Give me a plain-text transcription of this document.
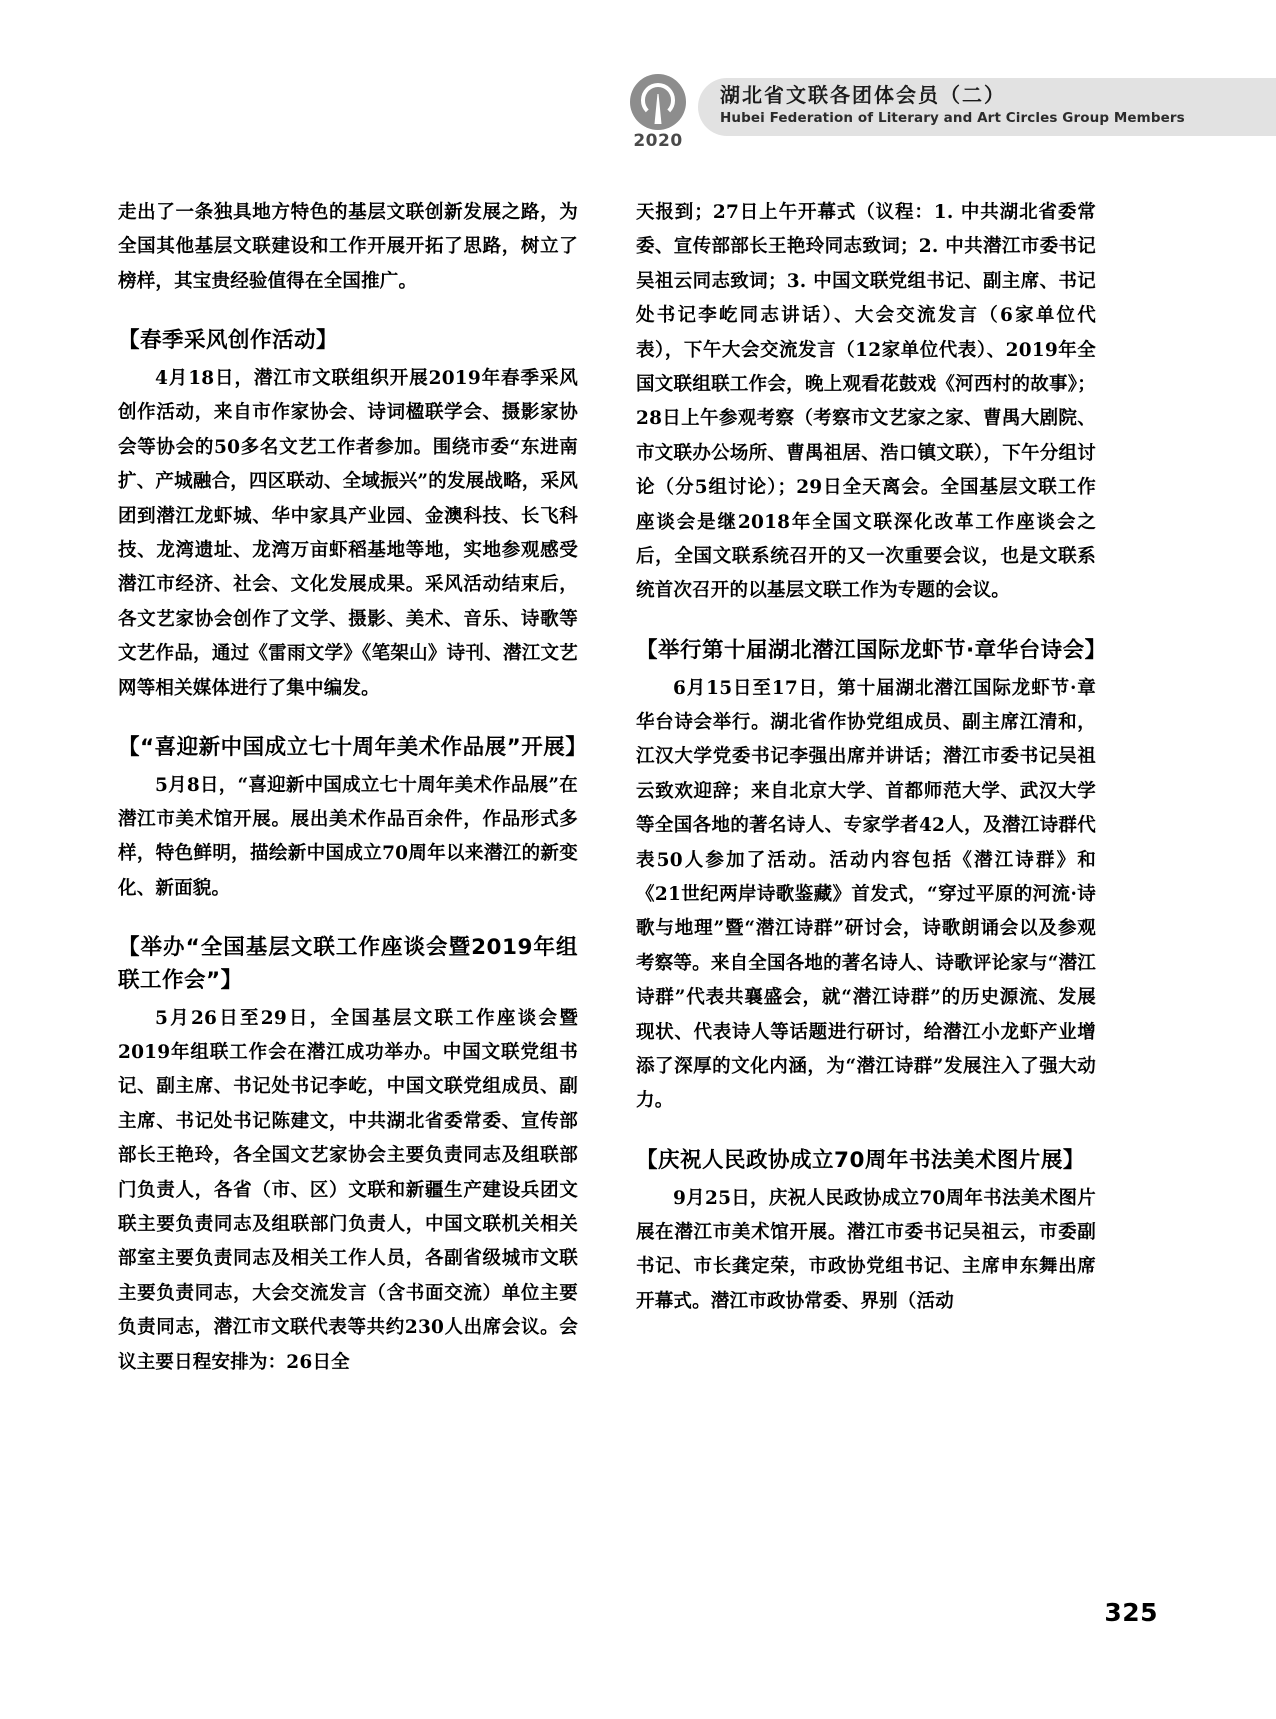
2020
湖北省文联各团体会员（二）
Hubei Federation of Literary and Art Circles Group Members

走出了一条独具地方特色的基层文联创新发展之路，为全国其他基层文联建设和工作开展开拓了思路，树立了榜样，其宝贵经验值得在全国推广。

【春季采风创作活动】

4月18日，潜江市文联组织开展2019年春季采风创作活动，来自市作家协会、诗词楹联学会、摄影家协会等协会的50多名文艺工作者参加。围绕市委“东进南扩、产城融合，四区联动、全域振兴”的发展战略，采风团到潜江龙虾城、华中家具产业园、金澳科技、长飞科技、龙湾遗址、龙湾万亩虾稻基地等地，实地参观感受潜江市经济、社会、文化发展成果。采风活动结束后，各文艺家协会创作了文学、摄影、美术、音乐、诗歌等文艺作品，通过《雷雨文学》《笔架山》诗刊、潜江文艺网等相关媒体进行了集中编发。

【“喜迎新中国成立七十周年美术作品展”开展】

5月8日，“喜迎新中国成立七十周年美术作品展”在潜江市美术馆开展。展出美术作品百余件，作品形式多样，特色鲜明，描绘新中国成立70周年以来潜江的新变化、新面貌。

【举办“全国基层文联工作座谈会暨2019年组联工作会”】

5月26日至29日，全国基层文联工作座谈会暨2019年组联工作会在潜江成功举办。中国文联党组书记、副主席、书记处书记李屹，中国文联党组成员、副主席、书记处书记陈建文，中共湖北省委常委、宣传部部长王艳玲，各全国文艺家协会主要负责同志及组联部门负责人，各省（市、区）文联和新疆生产建设兵团文联主要负责同志及组联部门负责人，中国文联机关相关部室主要负责同志及相关工作人员，各副省级城市文联主要负责同志，大会交流发言（含书面交流）单位主要负责同志，潜江市文联代表等共约230人出席会议。会议主要日程安排为：26日全

天报到；27日上午开幕式（议程：1. 中共湖北省委常委、宣传部部长王艳玲同志致词；2. 中共潜江市委书记吴祖云同志致词；3. 中国文联党组书记、副主席、书记处书记李屹同志讲话）、大会交流发言（6家单位代表），下午大会交流发言（12家单位代表）、2019年全国文联组联工作会，晚上观看花鼓戏《河西村的故事》；28日上午参观考察（考察市文艺家之家、曹禺大剧院、市文联办公场所、曹禺祖居、浩口镇文联），下午分组讨论（分5组讨论）；29日全天离会。全国基层文联工作座谈会是继2018年全国文联深化改革工作座谈会之后，全国文联系统召开的又一次重要会议，也是文联系统首次召开的以基层文联工作为专题的会议。

【举行第十届湖北潜江国际龙虾节·章华台诗会】

6月15日至17日，第十届湖北潜江国际龙虾节·章华台诗会举行。湖北省作协党组成员、副主席江清和，江汉大学党委书记李强出席并讲话；潜江市委书记吴祖云致欢迎辞；来自北京大学、首都师范大学、武汉大学等全国各地的著名诗人、专家学者42人，及潜江诗群代表50人参加了活动。活动内容包括《潜江诗群》和《21世纪两岸诗歌鉴藏》首发式，“穿过平原的河流·诗歌与地理”暨“潜江诗群”研讨会，诗歌朗诵会以及参观考察等。来自全国各地的著名诗人、诗歌评论家与“潜江诗群”代表共襄盛会，就“潜江诗群”的历史源流、发展现状、代表诗人等话题进行研讨，给潜江小龙虾产业增添了深厚的文化内涵，为“潜江诗群”发展注入了强大动力。

【庆祝人民政协成立70周年书法美术图片展】

9月25日，庆祝人民政协成立70周年书法美术图片展在潜江市美术馆开展。潜江市委书记吴祖云，市委副书记、市长龚定荣，市政协党组书记、主席申东舞出席开幕式。潜江市政协常委、界别（活动

325
